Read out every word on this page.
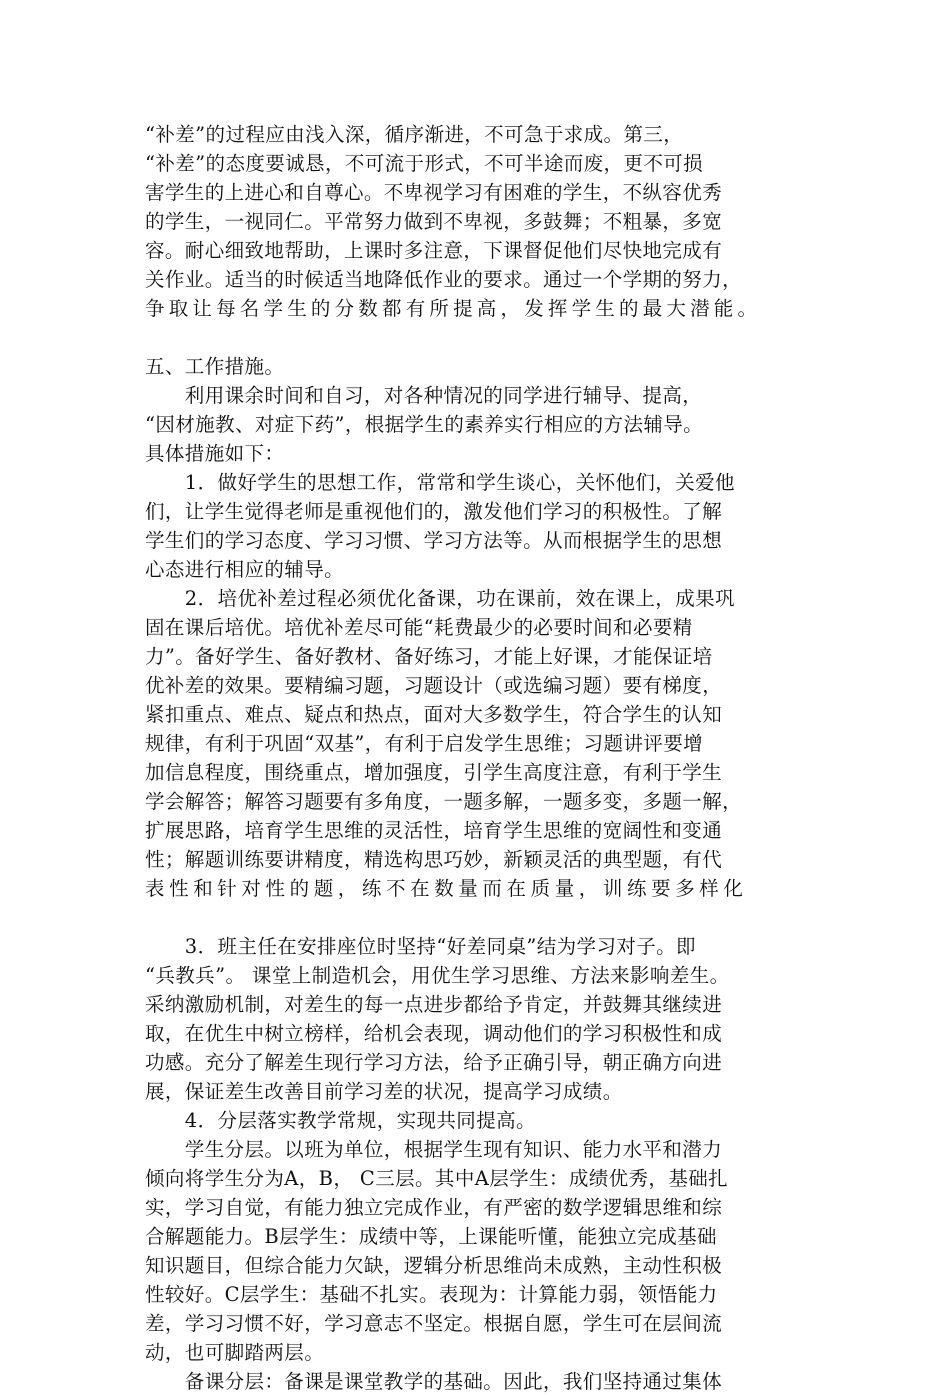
“补差”的过程应由浅入深，循序渐进，不可急于求成。第三，
“补差”的态度要诚恳，不可流于形式，不可半途而废，更不可损
害学生的上进心和自尊心。不卑视学习有困难的学生，不纵容优秀
的学生，一视同仁。平常努力做到不卑视，多鼓舞；不粗暴，多宽
容。耐心细致地帮助，上课时多注意，下课督促他们尽快地完成有
关作业。适当的时候适当地降低作业的要求。通过一个学期的努力，
争取让每名学生的分数都有所提高，发挥学生的最大潜能。
五、工作措施。
　　利用课余时间和自习，对各种情况的同学进行辅导、提高，
“因材施教、对症下药”，根据学生的素养实行相应的方法辅导。
具体措施如下：
　　1．做好学生的思想工作，常常和学生谈心，关怀他们，关爱他
们，让学生觉得老师是重视他们的，激发他们学习的积极性。了解
学生们的学习态度、学习习惯、学习方法等。从而根据学生的思想
心态进行相应的辅导。
　　2．培优补差过程必须优化备课，功在课前，效在课上，成果巩
固在课后培优。培优补差尽可能“耗费最少的必要时间和必要精
力”。备好学生、备好教材、备好练习，才能上好课，才能保证培
优补差的效果。要精编习题，习题设计（或选编习题）要有梯度，
紧扣重点、难点、疑点和热点，面对大多数学生，符合学生的认知
规律，有利于巩固“双基”，有利于启发学生思维；习题讲评要增
加信息程度，围绕重点，增加强度，引学生高度注意，有利于学生
学会解答；解答习题要有多角度，一题多解，一题多变，多题一解，
扩展思路，培育学生思维的灵活性，培育学生思维的宽阔性和变通
性；解题训练要讲精度，精选构思巧妙，新颖灵活的典型题，有代
表性和针对性的题，练不在数量而在质量，训练要多样化
　　3．班主任在安排座位时坚持“好差同桌”结为学习对子。即
“兵教兵”。 课堂上制造机会，用优生学习思维、方法来影响差生。
采纳激励机制，对差生的每一点进步都给予肯定，并鼓舞其继续进
取，在优生中树立榜样，给机会表现，调动他们的学习积极性和成
功感。充分了解差生现行学习方法，给予正确引导，朝正确方向进
展，保证差生改善目前学习差的状况，提高学习成绩。
　　4．分层落实教学常规，实现共同提高。
　　学生分层。以班为单位，根据学生现有知识、能力水平和潜力
倾向将学生分为A，B， C三层。其中A层学生：成绩优秀，基础扎
实，学习自觉，有能力独立完成作业，有严密的数学逻辑思维和综
合解题能力。B层学生：成绩中等，上课能听懂，能独立完成基础
知识题目，但综合能力欠缺，逻辑分析思维尚未成熟，主动性积极
性较好。C层学生：基础不扎实。表现为：计算能力弱，领悟能力
差，学习习惯不好，学习意志不坚定。根据自愿，学生可在层间流
动，也可脚踏两层。
　　备课分层：备课是课堂教学的基础。因此，我们坚持通过集体
